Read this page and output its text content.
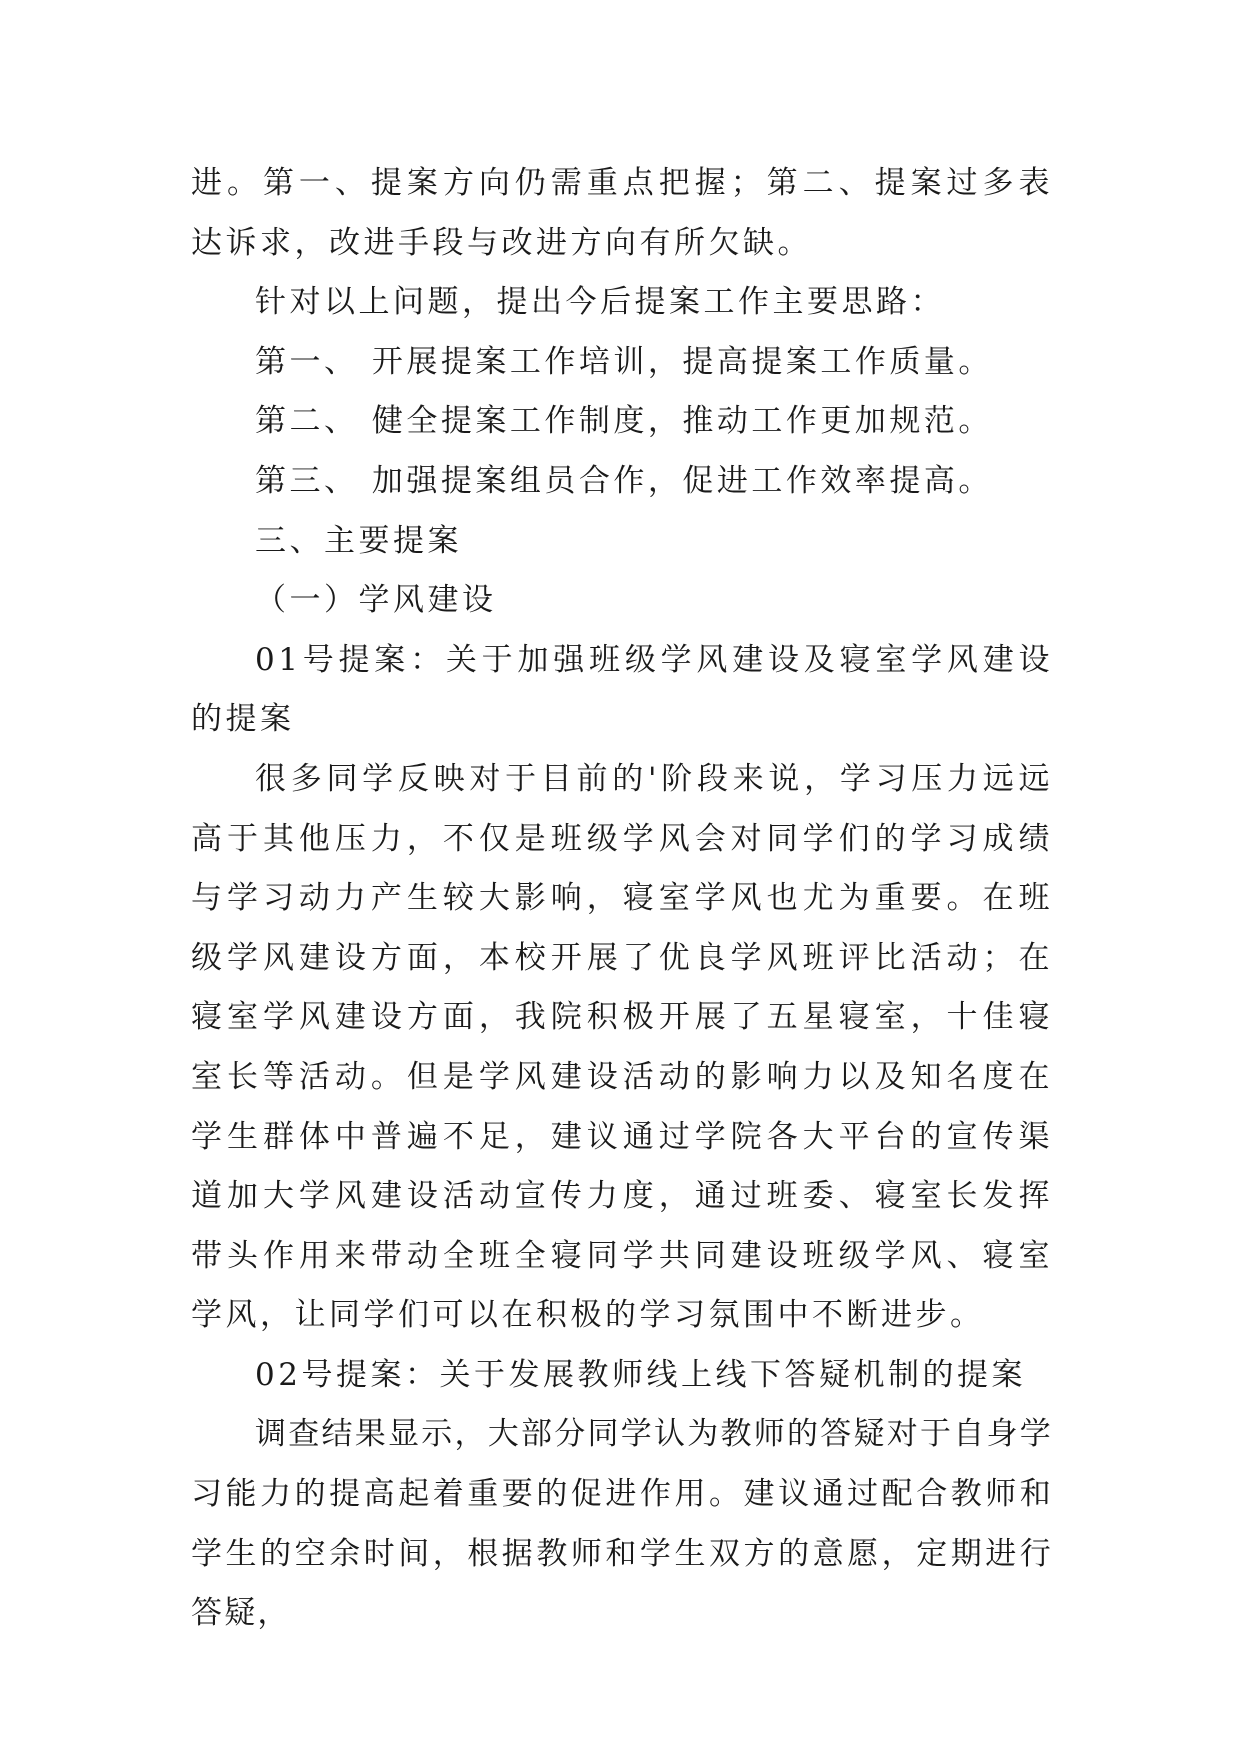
进。第一、提案方向仍需重点把握；第二、提案过多表达诉求，改进手段与改进方向有所欠缺。

针对以上问题，提出今后提案工作主要思路：

第一、 开展提案工作培训，提高提案工作质量。

第二、 健全提案工作制度，推动工作更加规范。

第三、 加强提案组员合作，促进工作效率提高。

三、主要提案

（一）学风建设

01号提案：关于加强班级学风建设及寝室学风建设的提案

很多同学反映对于目前的'阶段来说，学习压力远远高于其他压力，不仅是班级学风会对同学们的学习成绩与学习动力产生较大影响，寝室学风也尤为重要。在班级学风建设方面，本校开展了优良学风班评比活动；在寝室学风建设方面，我院积极开展了五星寝室，十佳寝室长等活动。但是学风建设活动的影响力以及知名度在学生群体中普遍不足，建议通过学院各大平台的宣传渠道加大学风建设活动宣传力度，通过班委、寝室长发挥带头作用来带动全班全寝同学共同建设班级学风、寝室学风，让同学们可以在积极的学习氛围中不断进步。

02号提案：关于发展教师线上线下答疑机制的提案

调查结果显示，大部分同学认为教师的答疑对于自身学习能力的提高起着重要的促进作用。建议通过配合教师和学生的空余时间，根据教师和学生双方的意愿，定期进行答疑，
